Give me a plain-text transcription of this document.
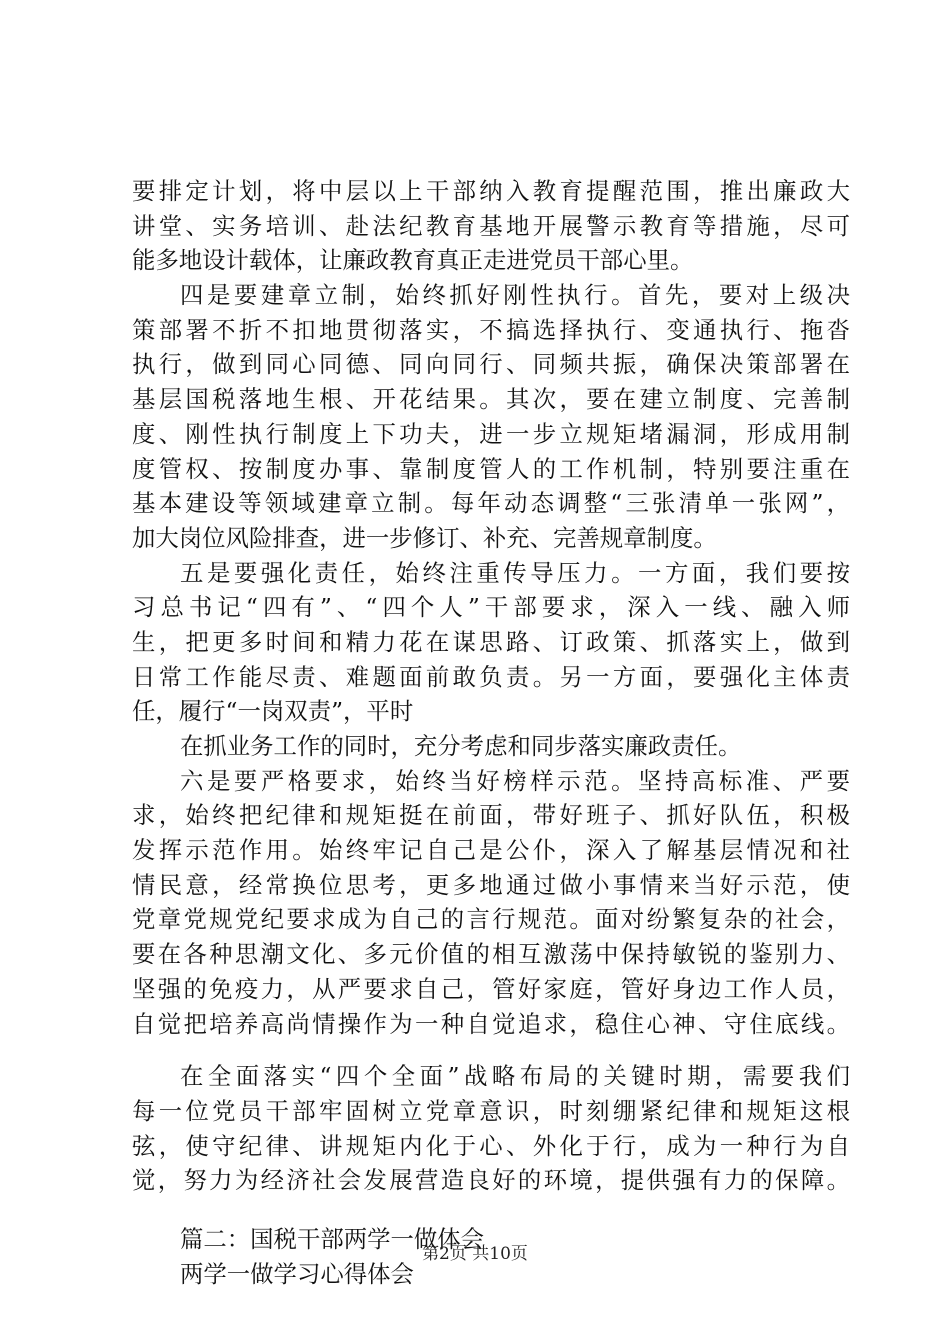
要排定计划，将中层以上干部纳入教育提醒范围，推出廉政大
讲堂、实务培训、赴法纪教育基地开展警示教育等措施，尽可
能多地设计载体，让廉政教育真正走进党员干部心里。
四是要建章立制，始终抓好刚性执行。首先，要对上级决
策部署不折不扣地贯彻落实，不搞选择执行、变通执行、拖沓
执行，做到同心同德、同向同行、同频共振，确保决策部署在
基层国税落地生根、开花结果。其次，要在建立制度、完善制
度、刚性执行制度上下功夫，进一步立规矩堵漏洞，形成用制
度管权、按制度办事、靠制度管人的工作机制，特别要注重在
基本建设等领域建章立制。每年动态调整“三张清单一张网”，
加大岗位风险排查，进一步修订、补充、完善规章制度。
五是要强化责任，始终注重传导压力。一方面，我们要按
习总书记“四有”、“四个人”干部要求，深入一线、融入师
生，把更多时间和精力花在谋思路、订政策、抓落实上，做到
日常工作能尽责、难题面前敢负责。另一方面，要强化主体责
任，履行“一岗双责”，平时
在抓业务工作的同时，充分考虑和同步落实廉政责任。
六是要严格要求，始终当好榜样示范。坚持高标准、严要
求，始终把纪律和规矩挺在前面，带好班子、抓好队伍，积极
发挥示范作用。始终牢记自己是公仆，深入了解基层情况和社
情民意，经常换位思考，更多地通过做小事情来当好示范，使
党章党规党纪要求成为自己的言行规范。面对纷繁复杂的社会，
要在各种思潮文化、多元价值的相互激荡中保持敏锐的鉴别力、
坚强的免疫力，从严要求自己，管好家庭，管好身边工作人员，
自觉把培养高尚情操作为一种自觉追求，稳住心神、守住底线。
在全面落实“四个全面”战略布局的关键时期，需要我们
每一位党员干部牢固树立党章意识，时刻绷紧纪律和规矩这根
弦，使守纪律、讲规矩内化于心、外化于行，成为一种行为自
觉，努力为经济社会发展营造良好的环境，提供强有力的保障。
篇二：国税干部两学一做体会
两学一做学习心得体会
第2页 共10页
